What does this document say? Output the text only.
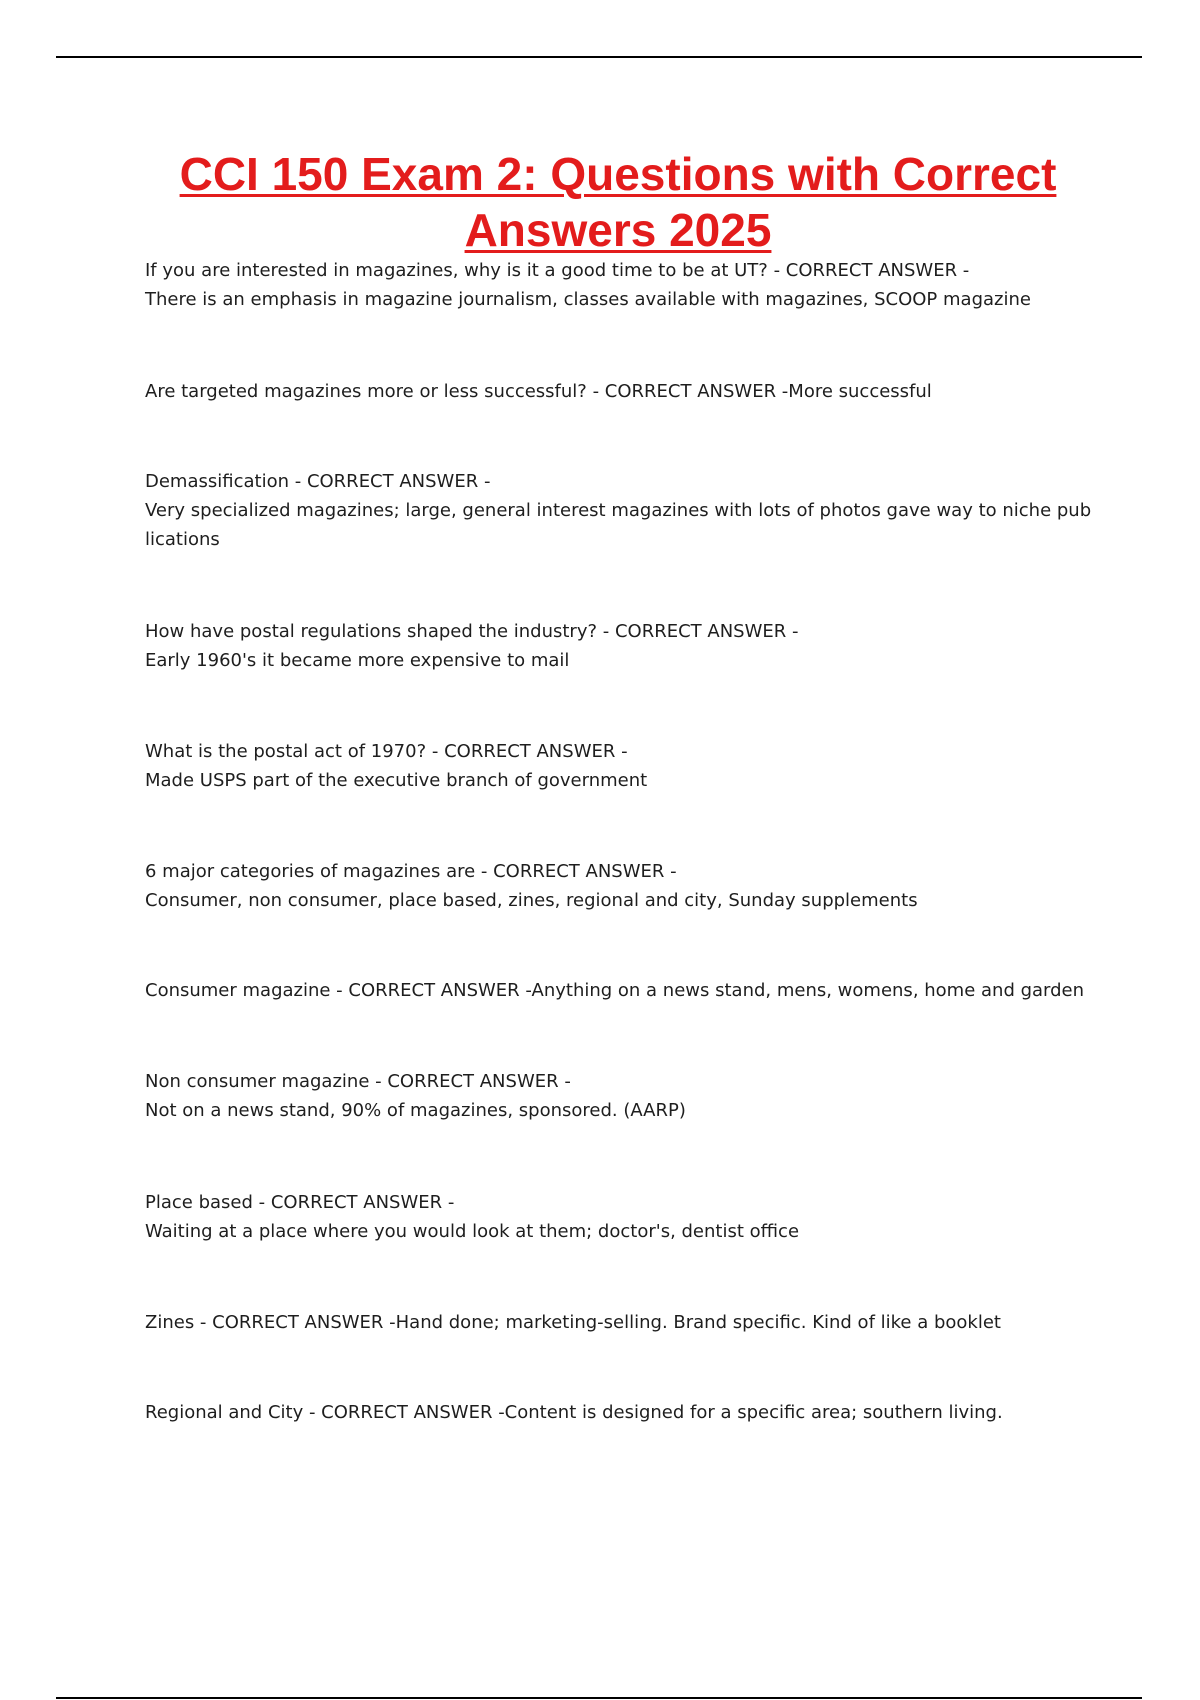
CCI 150 Exam 2: Questions with Correct Answers 2025
If you are interested in magazines, why is it a good time to be at UT? - CORRECT ANSWER -
There is an emphasis in magazine journalism, classes available with magazines, SCOOP magazine
Are targeted magazines more or less successful? - CORRECT ANSWER -More successful
Demassification - CORRECT ANSWER -
Very specialized magazines; large, general interest magazines with lots of photos gave way to niche publications
How have postal regulations shaped the industry? - CORRECT ANSWER -
Early 1960's it became more expensive to mail
What is the postal act of 1970? - CORRECT ANSWER -
Made USPS part of the executive branch of government
6 major categories of magazines are - CORRECT ANSWER -
Consumer, non consumer, place based, zines, regional and city, Sunday supplements
Consumer magazine - CORRECT ANSWER -Anything on a news stand, mens, womens, home and garden
Non consumer magazine - CORRECT ANSWER -
Not on a news stand, 90% of magazines, sponsored. (AARP)
Place based - CORRECT ANSWER -
Waiting at a place where you would look at them; doctor's, dentist office
Zines - CORRECT ANSWER -Hand done; marketing-selling. Brand specific. Kind of like a booklet
Regional and City - CORRECT ANSWER -Content is designed for a specific area; southern living.
